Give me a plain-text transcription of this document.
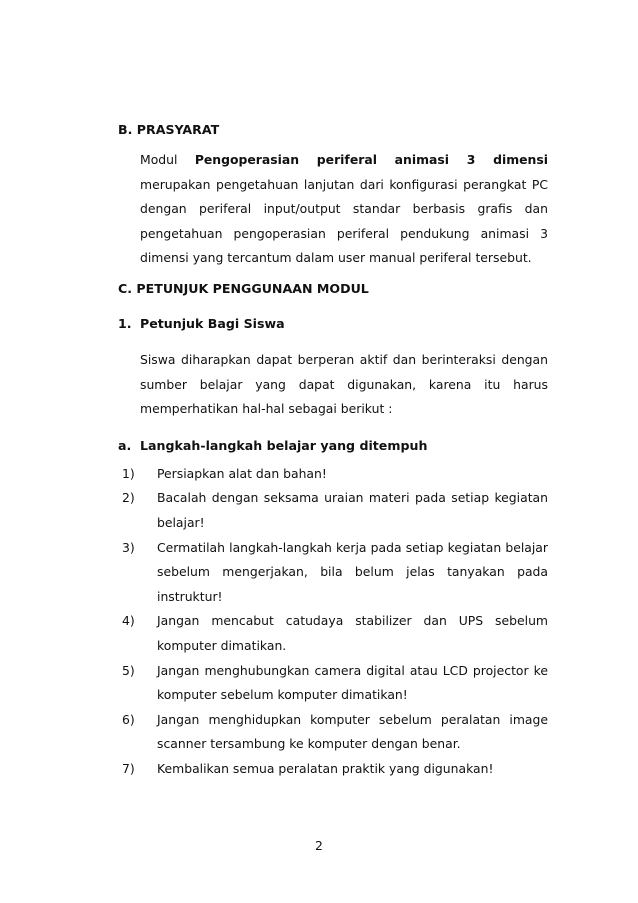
B. PRASYARAT

Modul Pengoperasian periferal animasi 3 dimensi merupakan pengetahuan lanjutan dari konfigurasi perangkat PC dengan periferal input/output standar berbasis grafis dan pengetahuan pengoperasian periferal pendukung animasi 3 dimensi yang tercantum dalam user manual periferal tersebut.

C. PETUNJUK PENGGUNAAN MODUL
1. Petunjuk Bagi Siswa

Siswa diharapkan dapat berperan aktif dan berinteraksi dengan sumber belajar yang dapat digunakan, karena itu harus memperhatikan hal-hal sebagai berikut :

a. Langkah-langkah belajar yang ditempuh
1)	Persiapkan alat dan bahan!
2)	Bacalah dengan seksama uraian materi pada setiap kegiatan belajar!
3)	Cermatilah langkah-langkah kerja pada setiap kegiatan belajar sebelum mengerjakan, bila belum jelas tanyakan pada instruktur!
4)	Jangan mencabut catudaya stabilizer dan UPS sebelum komputer dimatikan.
5)	Jangan menghubungkan camera digital atau LCD projector ke komputer sebelum komputer dimatikan!
6)	Jangan menghidupkan komputer sebelum peralatan image scanner tersambung ke komputer dengan benar.
7)	Kembalikan semua peralatan praktik yang digunakan!
2
